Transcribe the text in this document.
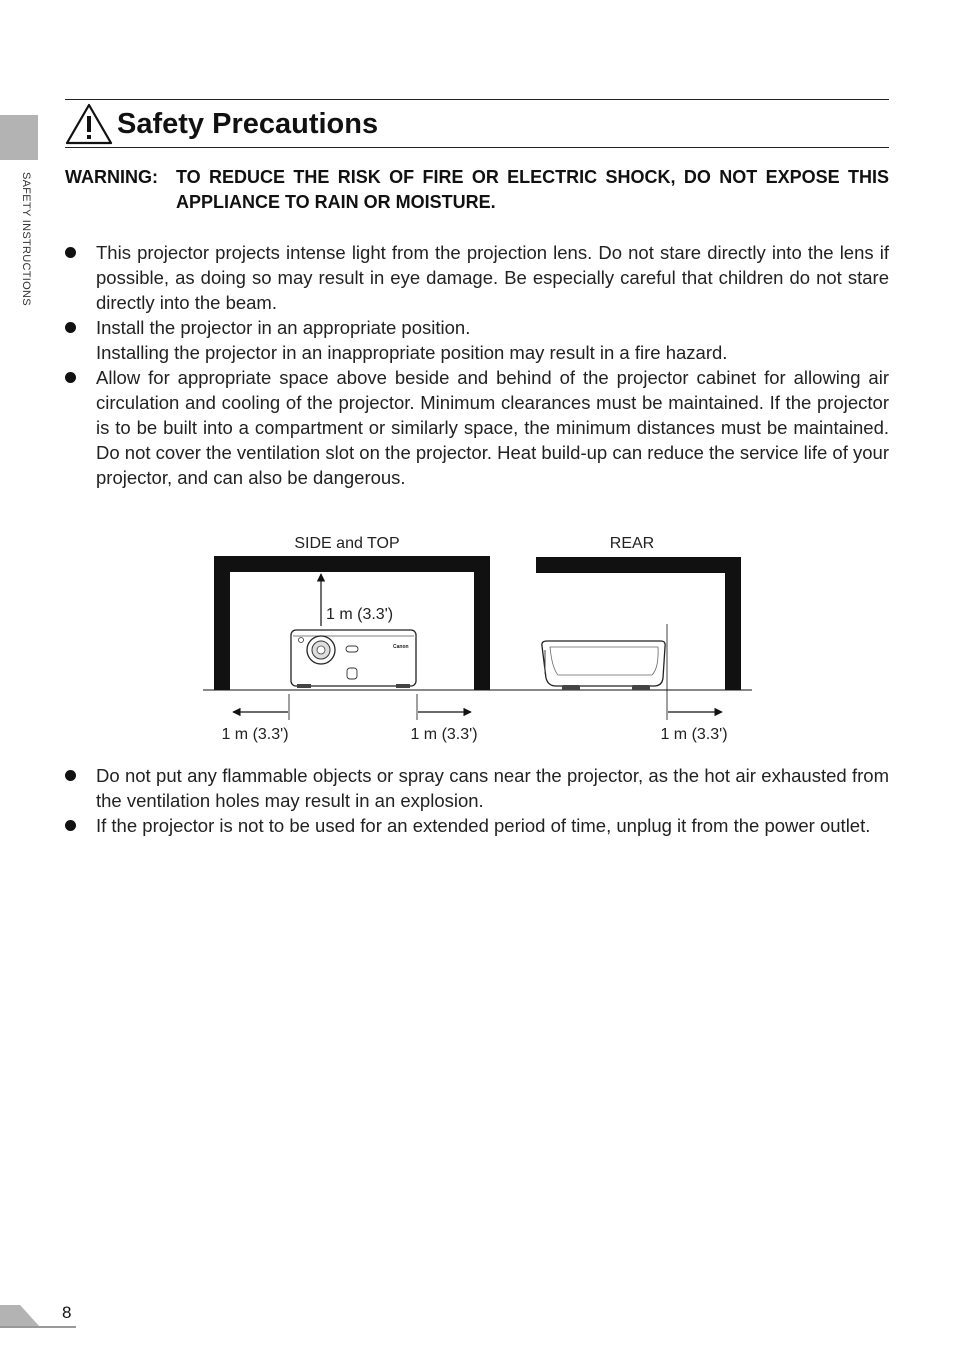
SAFETY INSTRUCTIONS
Safety Precautions
WARNING: TO REDUCE THE RISK OF FIRE OR ELECTRIC SHOCK, DO NOT EXPOSE THIS APPLIANCE TO RAIN OR MOISTURE.

This projector projects intense light from the projection lens. Do not stare directly into the lens if possible, as doing so may result in eye damage. Be especially careful that children do not stare directly into the beam.

Install the projector in an appropriate position.

Installing the projector in an inappropriate position may result in a fire hazard.

Allow for appropriate space above beside and behind of the projector cabinet for allowing air circulation and cooling of the projector. Minimum clearances must be maintained. If the projector is to be built into a compartment or similarly space, the minimum distances must be maintained. Do not cover the ventilation slot on the projector. Heat build-up can reduce the service life of your projector, and can also be dangerous.

SIDE and TOP	REAR
Canon
1 m (3.3')
1 m (3.3')	1 m (3.3')	1 m (3.3')

Do not put any flammable objects or spray cans near the projector, as the hot air exhausted from the ventilation holes may result in an explosion.

If the projector is not to be used for an extended period of time, unplug it from the power outlet.

8
